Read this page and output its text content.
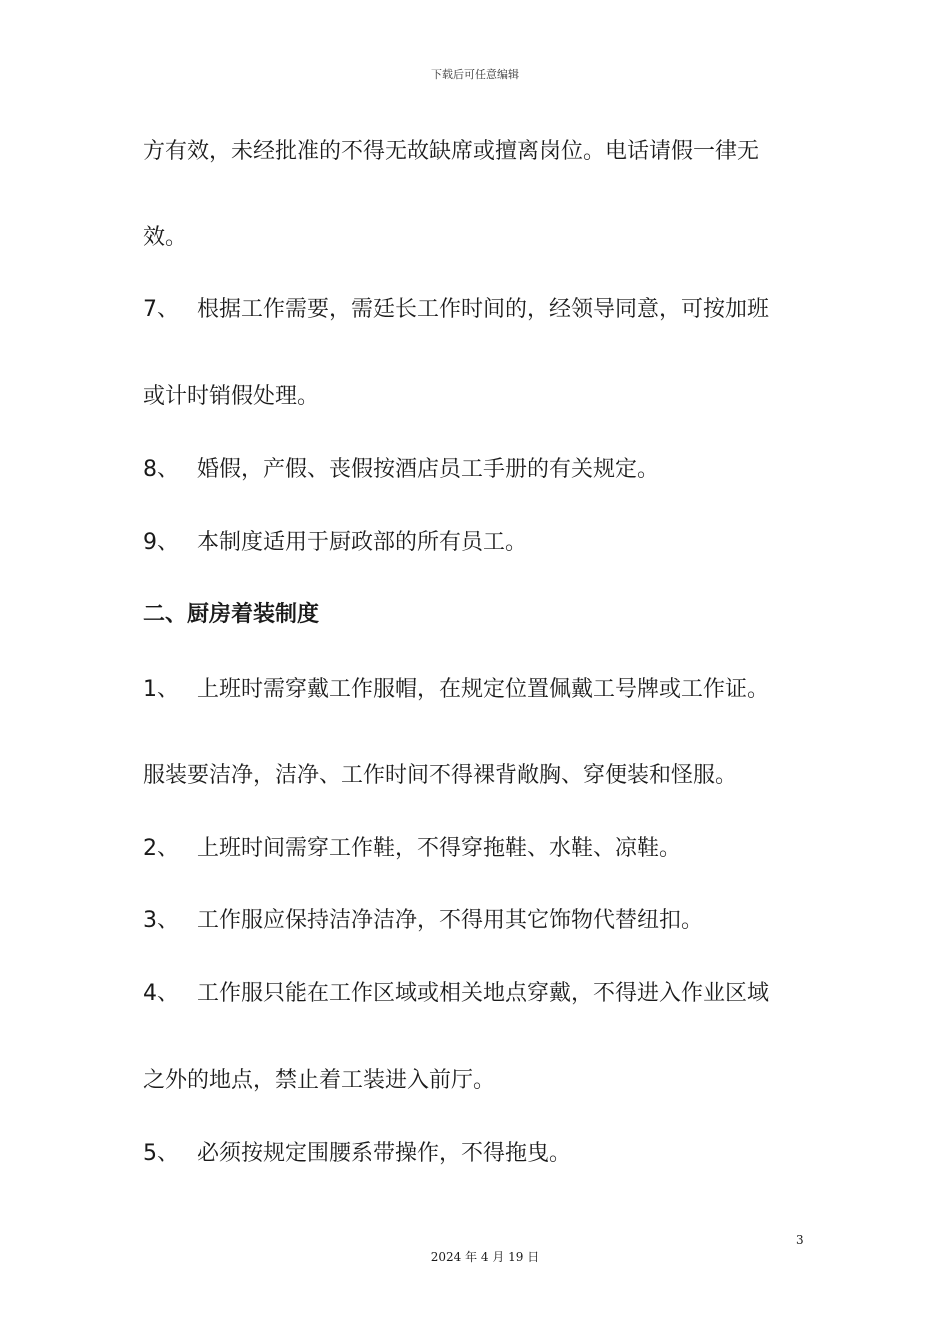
下载后可任意编辑
方有效，未经批准的不得无故缺席或擅离岗位。电话请假一律无
效。
7、 根据工作需要，需廷长工作时间的，经领导同意，可按加班
或计时销假处理。
8、 婚假，产假、丧假按酒店员工手册的有关规定。
9、 本制度适用于厨政部的所有员工。
二、厨房着装制度
1、 上班时需穿戴工作服帽，在规定位置佩戴工号牌或工作证。
服装要洁净，洁净、工作时间不得裸背敞胸、穿便装和怪服。
2、 上班时间需穿工作鞋，不得穿拖鞋、水鞋、凉鞋。
3、 工作服应保持洁净洁净，不得用其它饰物代替纽扣。
4、 工作服只能在工作区域或相关地点穿戴，不得进入作业区域
之外的地点，禁止着工装进入前厅。
5、 必须按规定围腰系带操作，不得拖曳。
3
2024 年 4 月 19 日
